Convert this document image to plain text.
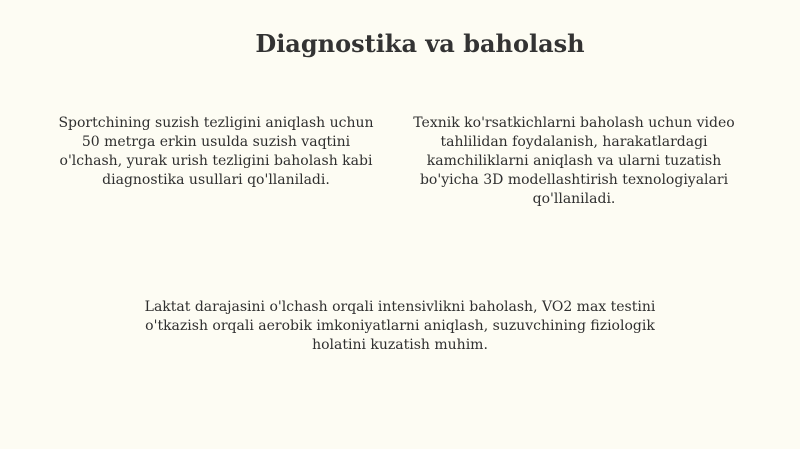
Diagnostika va baholash

Sportchining suzish tezligini aniqlash uchun 50 metrga erkin usulda suzish vaqtini o'lchash, yurak urish tezligini baholash kabi diagnostika usullari qo'llaniladi.

Texnik ko'rsatkichlarni baholash uchun video tahlilidan foydalanish, harakatlardagi kamchiliklarni aniqlash va ularni tuzatish bo'yicha 3D modellashtirish texnologiyalari qo'llaniladi.

Laktat darajasini o'lchash orqali intensivlikni baholash, VO2 max testini o'tkazish orqali aerobik imkoniyatlarni aniqlash, suzuvchining fiziologik holatini kuzatish muhim.
